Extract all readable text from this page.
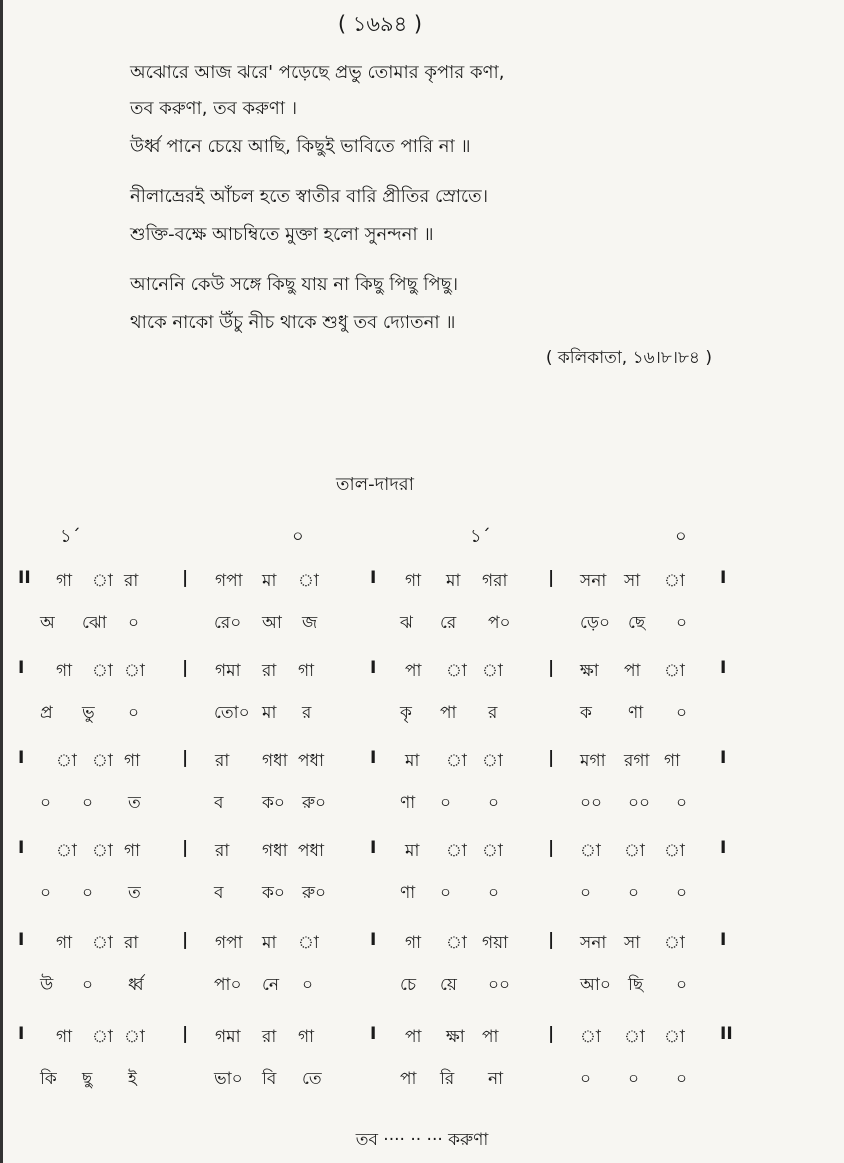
( ১৬৯৪ )
অঝোরে আজ ঝরে' পড়েছে প্রভু তোমার কৃপার কণা,
তব করুণা, তব করুণা ।
উর্ধ্ব পানে চেয়ে আছি, কিছুই ভাবিতে পারি না ॥
নীলাভ্রেরই আঁচল হতে স্বাতীর বারি প্রীতির স্রোতে।
শুক্তি-বক্ষে আচম্বিতে মুক্তা হলো সুনন্দনা ॥
আনেনি কেউ সঙ্গে কিছু যায় না কিছু পিছু পিছু।
থাকে নাকো উঁচু নীচ থাকে শুধু তব দ্যোতনা ॥
( কলিকাতা, ১৬।৮।৮৪ )
তাল-দাদরা
১´	০	১´	০
II গা া রা	| গপা মা া	I গা মা গরা | সনা সা া I
অ ঝো ০	রে০ আ জ	ঝ রে প০	ড়ে০ ছে ০
I গা া া | গমা রা গা	I পা া া	| ক্ষা পা া I
প্র ভু ০	তো০ মা র	কৃ পা র	ক ণা ০
I া া গা | রা গধা পধা	I মা া া	| মগা রগা গা I
০ ০ ত	ব ক০ রু০	ণা ০ ০	০০ ০০ ০
I া া গা | রা গধা পধা	I মা া া	| া া া I
০ ০ ত	ব ক০ রু০	ণা ০ ০	০ ০ ০
I গা া রা	| গপা মা া	I গা া গয়া | সনা সা া I
উ ০ র্ধ্ব	পা০ নে ০	চে য়ে ০০	আ০ ছি ০
I গা া া | গমা রা গা	I পা ক্ষা পা	| া া া II
কি ছু ই	ভা০ বি তে	পা রি না	০ ০ ০
তব ···· ·· ··· করুণা
